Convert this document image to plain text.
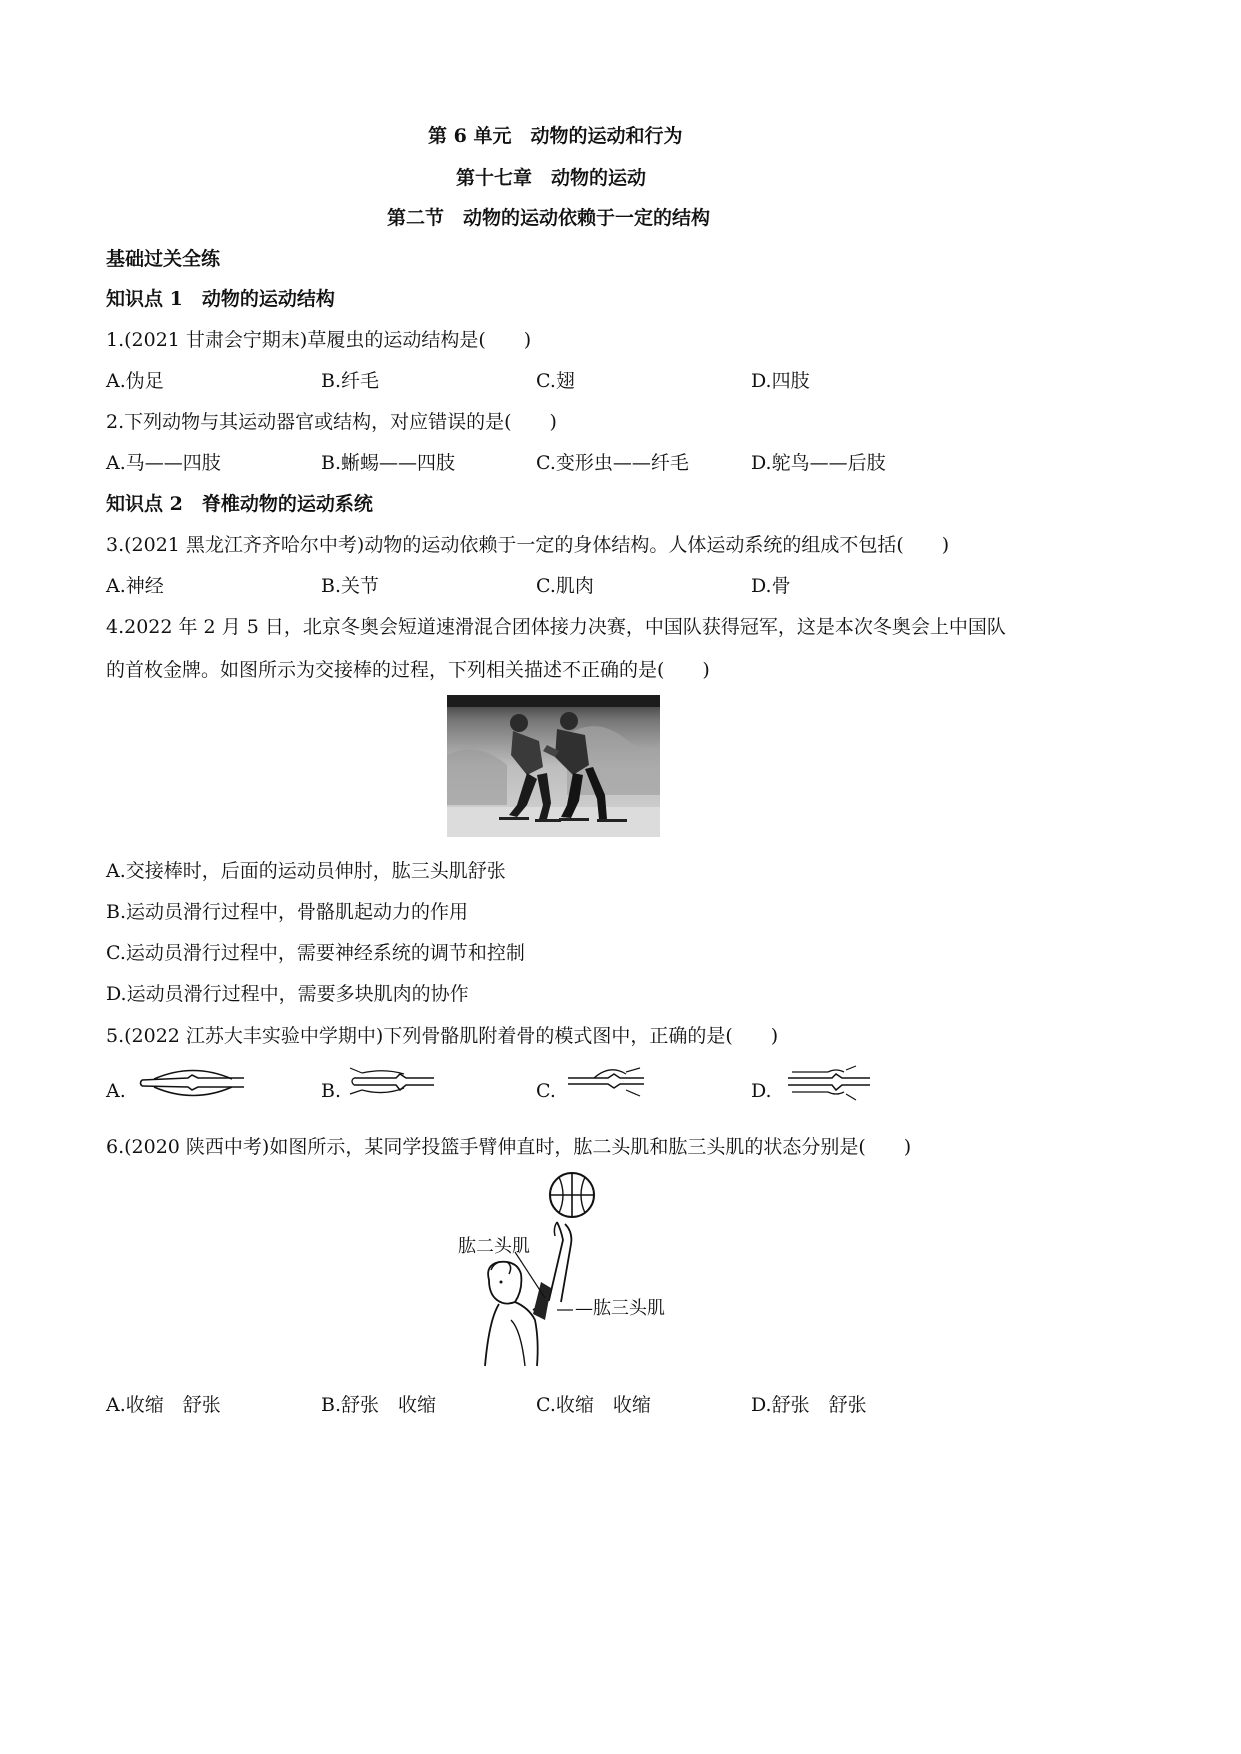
第 6 单元　动物的运动和行为
第十七章　动物的运动
第二节　动物的运动依赖于一定的结构
基础过关全练
知识点 1　动物的运动结构
1.(2021 甘肃会宁期末)草履虫的运动结构是(　　)
A.伪足	B.纤毛	C.翅	D.四肢
2.下列动物与其运动器官或结构，对应错误的是(　　)
A.马——四肢	B.蜥蜴——四肢	C.变形虫——纤毛	D.鸵鸟——后肢
知识点 2　脊椎动物的运动系统
3.(2021 黑龙江齐齐哈尔中考)动物的运动依赖于一定的身体结构。人体运动系统的组成不包括(　　)
A.神经	B.关节	C.肌肉	D.骨
4.2022 年 2 月 5 日，北京冬奥会短道速滑混合团体接力决赛，中国队获得冠军，这是本次冬奥会上中国队
的首枚金牌。如图所示为交接棒的过程，下列相关描述不正确的是(　　)
A.交接棒时，后面的运动员伸肘，肱三头肌舒张
B.运动员滑行过程中，骨骼肌起动力的作用
C.运动员滑行过程中，需要神经系统的调节和控制
D.运动员滑行过程中，需要多块肌肉的协作
5.(2022 江苏大丰实验中学期中)下列骨骼肌附着骨的模式图中，正确的是(　　)
A.	B.	C.	D.
6.(2020 陕西中考)如图所示，某同学投篮手臂伸直时，肱二头肌和肱三头肌的状态分别是(　　)
肱二头肌
—肱三头肌
A.收缩　舒张	B.舒张　收缩	C.收缩　收缩	D.舒张　舒张
